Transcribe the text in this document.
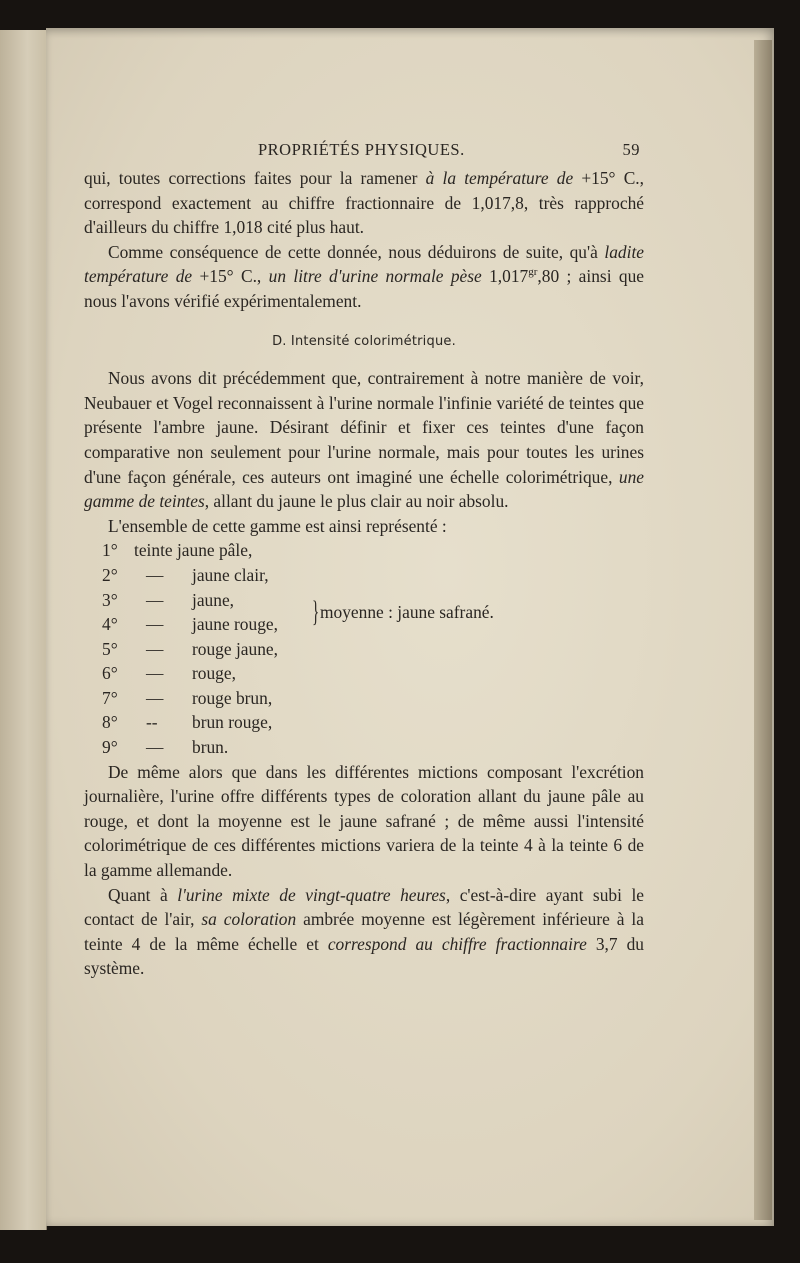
PROPRIÉTÉS PHYSIQUES.	59

qui, toutes corrections faites pour la ramener à la température de +15° C., correspond exactement au chiffre fractionnaire de 1,017,8, très rapproché d'ailleurs du chiffre 1,018 cité plus haut.

Comme conséquence de cette donnée, nous déduirons de suite, qu'à ladite température de +15° C., un litre d'urine normale pèse $1,017^{gr},80$ ; ainsi que nous l'avons vérifié expérimentalement.

D. Intensité colorimétrique.

Nous avons dit précédemment que, contrairement à notre manière de voir, Neubauer et Vogel reconnaissent à l'urine normale l'infinie variété de teintes que présente l'ambre jaune. Désirant définir et fixer ces teintes d'une façon comparative non seulement pour l'urine normale, mais pour toutes les urines d'une façon générale, ces auteurs ont imaginé une échelle colorimétrique, une gamme de teintes, allant du jaune le plus clair au noir absolu.

L'ensemble de cette gamme est ainsi représenté :

1° teinte jaune pâle,
2° — jaune clair,
3° — jaune,	} moyenne : jaune safrané.
4° — jaune rouge,
5° — rouge jaune,
6° — rouge,
7° — rouge brun,
8° -- brun rouge,
9° — brun.

De même alors que dans les différentes mictions composant l'excrétion journalière, l'urine offre différents types de coloration allant du jaune pâle au rouge, et dont la moyenne est le jaune safrané ; de même aussi l'intensité colorimétrique de ces différentes mictions variera de la teinte 4 à la teinte 6 de la gamme allemande.

Quant à l'urine mixte de vingt-quatre heures, c'est-à-dire ayant subi le contact de l'air, sa coloration ambrée moyenne est légèrement inférieure à la teinte 4 de la même échelle et correspond au chiffre fractionnaire 3,7 du système.
